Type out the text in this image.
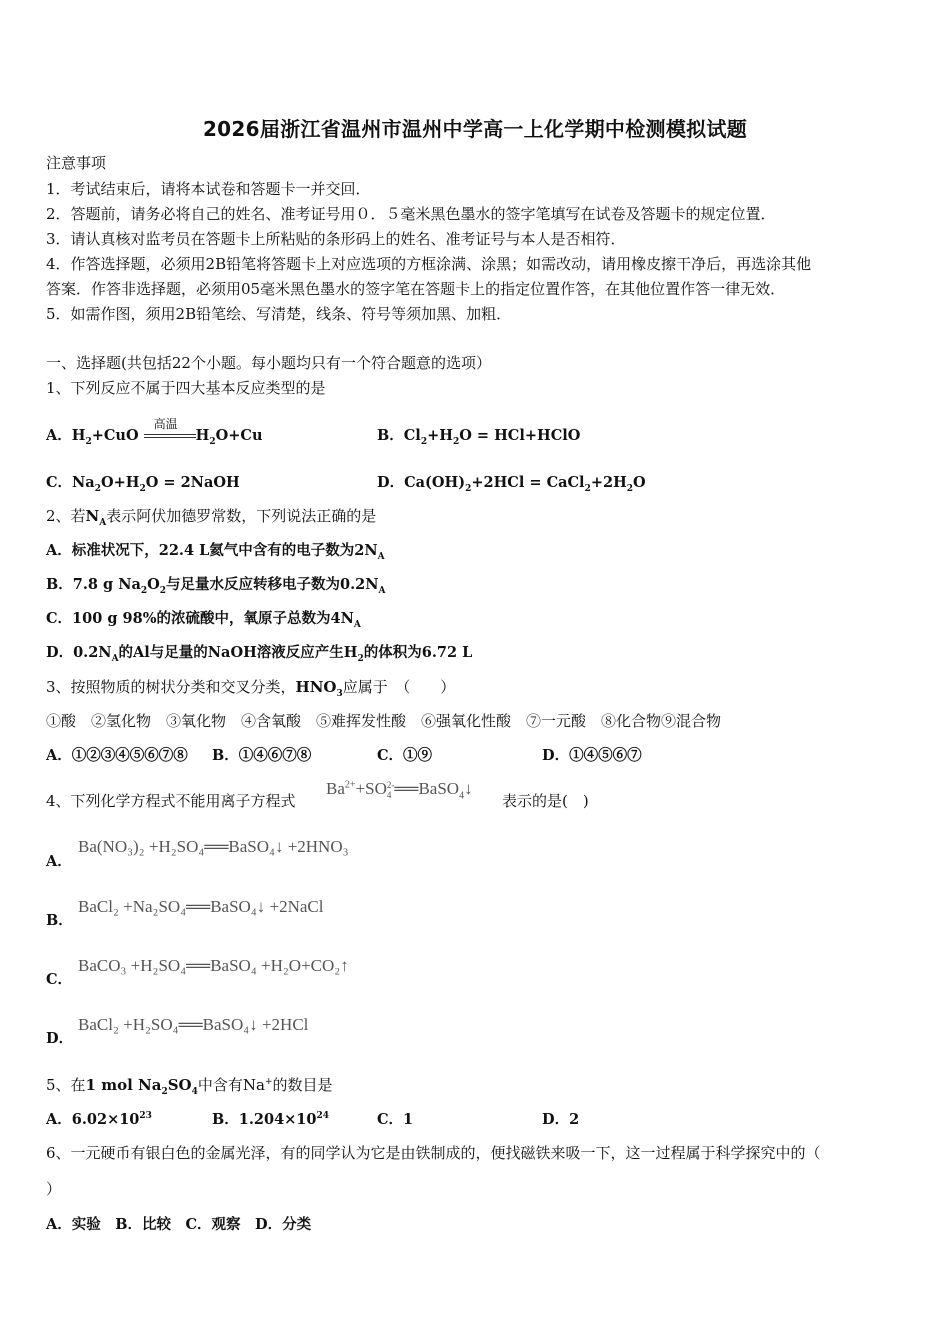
2026届浙江省温州市温州中学高一上化学期中检测模拟试题
注意事项
1．考试结束后，请将本试卷和答题卡一并交回．
2．答题前，请务必将自己的姓名、准考证号用０．５毫米黑色墨水的签字笔填写在试卷及答题卡的规定位置．
3．请认真核对监考员在答题卡上所粘贴的条形码上的姓名、准考证号与本人是否相符．
4．作答选择题，必须用2B铅笔将答题卡上对应选项的方框涂满、涂黑；如需改动，请用橡皮擦干净后，再选涂其他
答案．作答非选择题，必须用05毫米黑色墨水的签字笔在答题卡上的指定位置作答，在其他位置作答一律无效．
5．如需作图，须用2B铅笔绘、写清楚，线条、符号等须加黑、加粗．
一、选择题(共包括22个小题。每小题均只有一个符合题意的选项）
1、下列反应不属于四大基本反应类型的是
A．$H_2+CuO$
高温
$H_2O+Cu$	B．$Cl_2+H_2O$ = HCl+HClO
C．$Na_2O+H_2O$ = 2NaOH	D．$Ca(OH)_2+2HCl$ = $CaCl_2+2H_2O$
2、若$N_A$表示阿伏加德罗常数，下列说法正确的是
A．标准状况下，22.4 L氦气中含有的电子数为$2N_A$
B．7.8 g $Na_2O_2$与足量水反应转移电子数为$0.2N_A$
C．100 g 98%的浓硫酸中，氧原子总数为$4N_A$
D．$0.2N_A$的Al与足量的NaOH溶液反应产生$H_2$的体积为6.72 L
3、按照物质的树状分类和交叉分类，$HNO_3$应属于　（　　）
①酸　②氢化物　③氧化物　④含氧酸　⑤难挥发性酸　⑥强氧化性酸　⑦一元酸　⑧化合物⑨混合物
A．①②③④⑤⑥⑦⑧ B．①④⑥⑦⑧	C．①⑨	D．①④⑤⑥⑦
4、下列化学方程式不能用离子方程式
$Ba^{2+}+SO$ 2-
4 ══BaSO$_4$↓
表示的是(　)
A．
Ba(NO₃)₂ +H₂SO₄══BaSO₄↓ +2HNO₃
B．
BaCl₂ +Na₂SO₄══BaSO₄↓ +2NaCl
C．
BaCO₃ +H₂SO₄══BaSO₄ +H₂O+CO₂↑
D．
BaCl₂ +H₂SO₄══BaSO₄↓ +2HCl
5、在1 mol $Na_2SO_4$中含有Na+的数目是
A．$6.02\times 10^{23}$	B．$1.204\times 10^{24}$	C．1	D．2
6、一元硬币有银白色的金属光泽，有的同学认为它是由铁制成的，便找磁铁来吸一下，这一过程属于科学探究中的（
）
A．实验　B．比较　C．观察　D．分类
